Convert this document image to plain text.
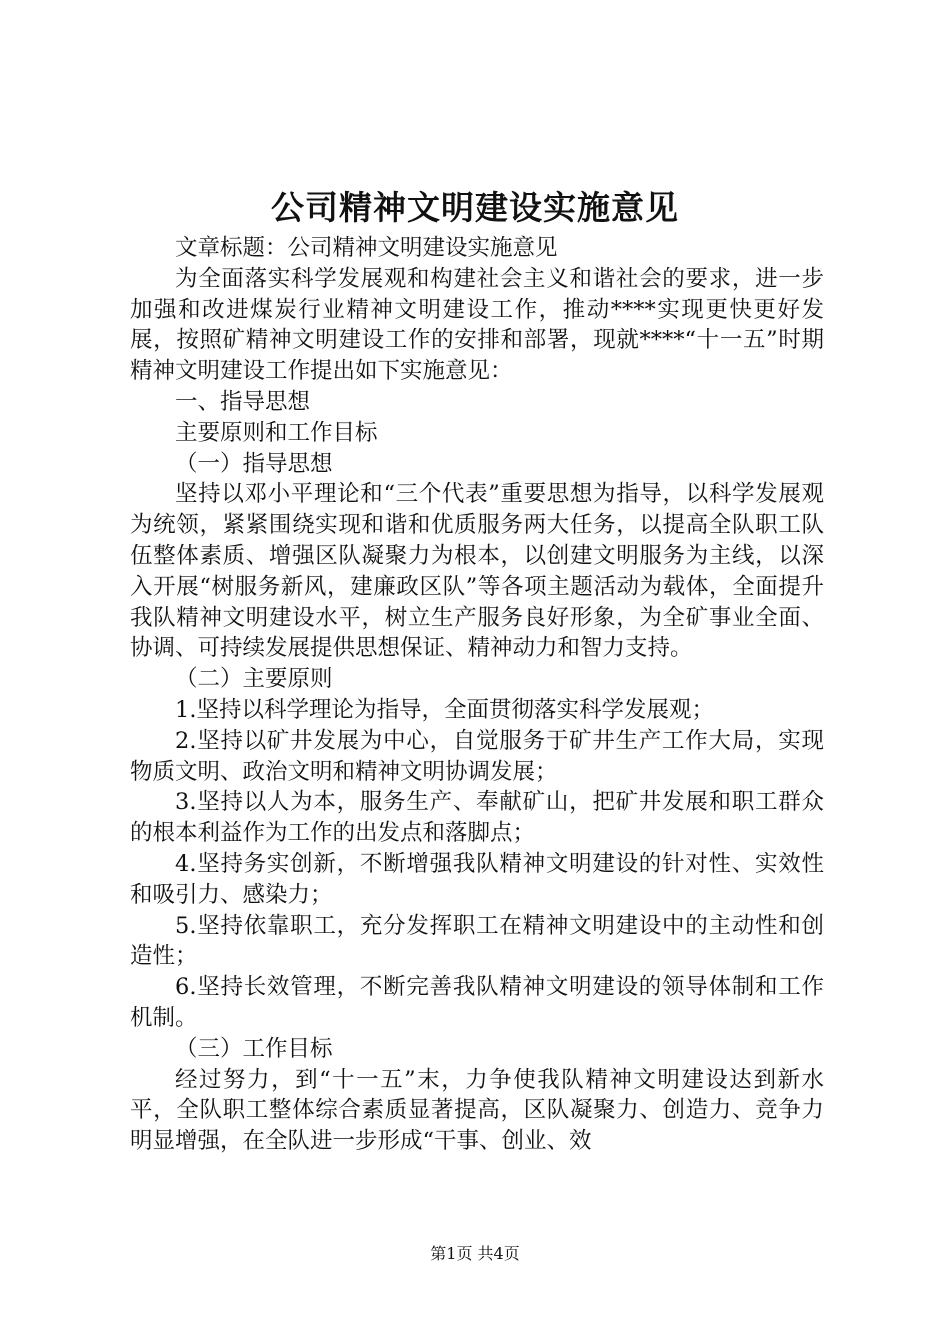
公司精神文明建设实施意见

文章标题：公司精神文明建设实施意见

为全面落实科学发展观和构建社会主义和谐社会的要求，进一步加强和改进煤炭行业精神文明建设工作，推动****实现更快更好发展，按照矿精神文明建设工作的安排和部署，现就****“十一五”时期精神文明建设工作提出如下实施意见：

一、指导思想

主要原则和工作目标

（一）指导思想

坚持以邓小平理论和“三个代表”重要思想为指导，以科学发展观为统领，紧紧围绕实现和谐和优质服务两大任务，以提高全队职工队伍整体素质、增强区队凝聚力为根本，以创建文明服务为主线，以深入开展“树服务新风，建廉政区队”等各项主题活动为载体，全面提升我队精神文明建设水平，树立生产服务良好形象，为全矿事业全面、协调、可持续发展提供思想保证、精神动力和智力支持。

（二）主要原则

1.坚持以科学理论为指导，全面贯彻落实科学发展观；

2.坚持以矿井发展为中心，自觉服务于矿井生产工作大局，实现物质文明、政治文明和精神文明协调发展；

3.坚持以人为本，服务生产、奉献矿山，把矿井发展和职工群众的根本利益作为工作的出发点和落脚点；

4.坚持务实创新，不断增强我队精神文明建设的针对性、实效性和吸引力、感染力；

5.坚持依靠职工，充分发挥职工在精神文明建设中的主动性和创造性；

6.坚持长效管理，不断完善我队精神文明建设的领导体制和工作机制。

（三）工作目标

经过努力，到“十一五”末，力争使我队精神文明建设达到新水平，全队职工整体综合素质显著提高，区队凝聚力、创造力、竞争力明显增强，在全队进一步形成“干事、创业、效

第1页 共4页
